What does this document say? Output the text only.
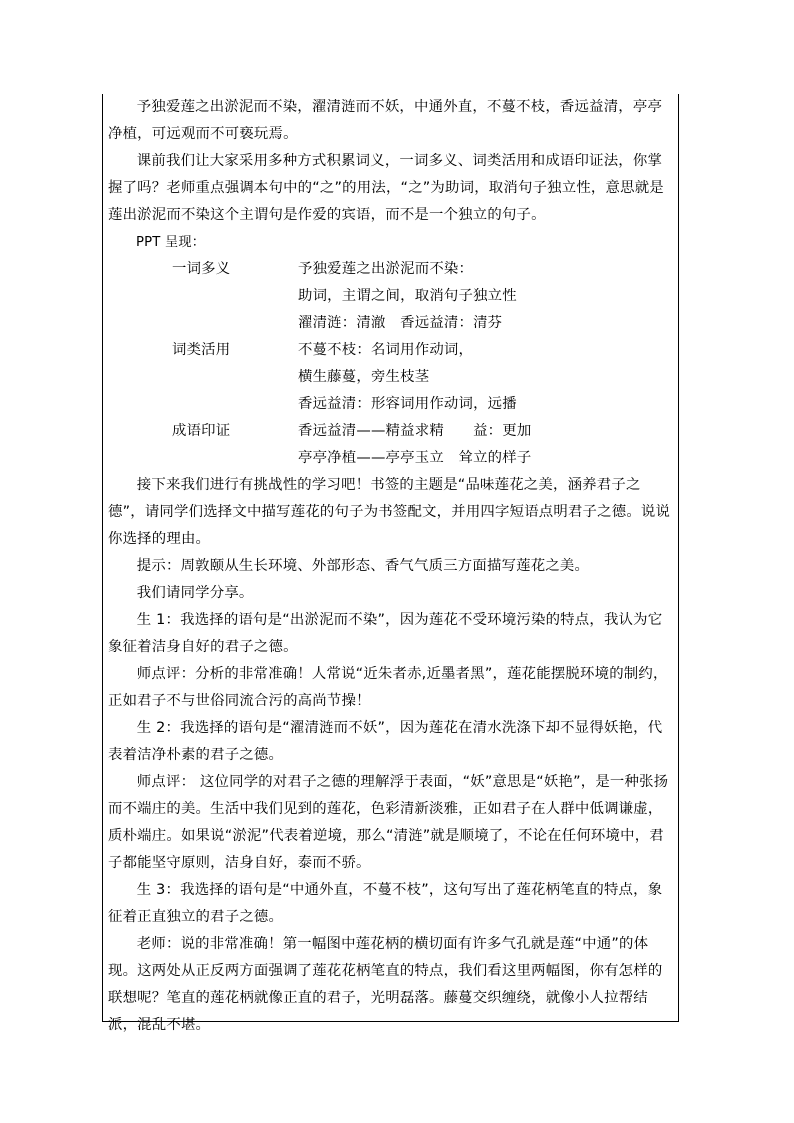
予独爱莲之出淤泥而不染，濯清涟而不妖，中通外直，不蔓不枝，香远益清，亭亭净植，可远观而不可亵玩焉。

课前我们让大家采用多种方式积累词义，一词多义、词类活用和成语印证法，你掌握了吗？老师重点强调本句中的“之”的用法，“之”为助词，取消句子独立性，意思就是莲出淤泥而不染这个主谓句是作爱的宾语，而不是一个独立的句子。

PPT 呈现：

一词多义	予独爱莲之出淤泥而不染：
助词，主谓之间，取消句子独立性
濯清涟：清澈　香远益清：清芬
词类活用	不蔓不枝：名词用作动词，
横生藤蔓，旁生枝茎
香远益清：形容词用作动词，远播
成语印证	香远益清——精益求精　　益：更加
亭亭净植——亭亭玉立　耸立的样子

接下来我们进行有挑战性的学习吧！书签的主题是“品味莲花之美，涵养君子之德”，请同学们选择文中描写莲花的句子为书签配文，并用四字短语点明君子之德。说说你选择的理由。

提示：周敦颐从生长环境、外部形态、香气气质三方面描写莲花之美。

我们请同学分享。

生 1：我选择的语句是“出淤泥而不染”，因为莲花不受环境污染的特点，我认为它象征着洁身自好的君子之德。

师点评：分析的非常准确！人常说“近朱者赤,近墨者黑”，莲花能摆脱环境的制约，正如君子不与世俗同流合污的高尚节操！

生 2：我选择的语句是“濯清涟而不妖”，因为莲花在清水洗涤下却不显得妖艳，代表着洁净朴素的君子之德。

师点评： 这位同学的对君子之德的理解浮于表面，“妖”意思是“妖艳”，是一种张扬而不端庄的美。生活中我们见到的莲花，色彩清新淡雅，正如君子在人群中低调谦虚，质朴端庄。如果说“淤泥”代表着逆境，那么“清涟”就是顺境了，不论在任何环境中，君子都能坚守原则，洁身自好，泰而不骄。

生 3：我选择的语句是“中通外直，不蔓不枝”，这句写出了莲花柄笔直的特点，象征着正直独立的君子之德。

老师：说的非常准确！第一幅图中莲花柄的横切面有许多气孔就是莲“中通”的体现。这两处从正反两方面强调了莲花花柄笔直的特点，我们看这里两幅图，你有怎样的联想呢？笔直的莲花柄就像正直的君子，光明磊落。藤蔓交织缠绕，就像小人拉帮结派，混乱不堪。
